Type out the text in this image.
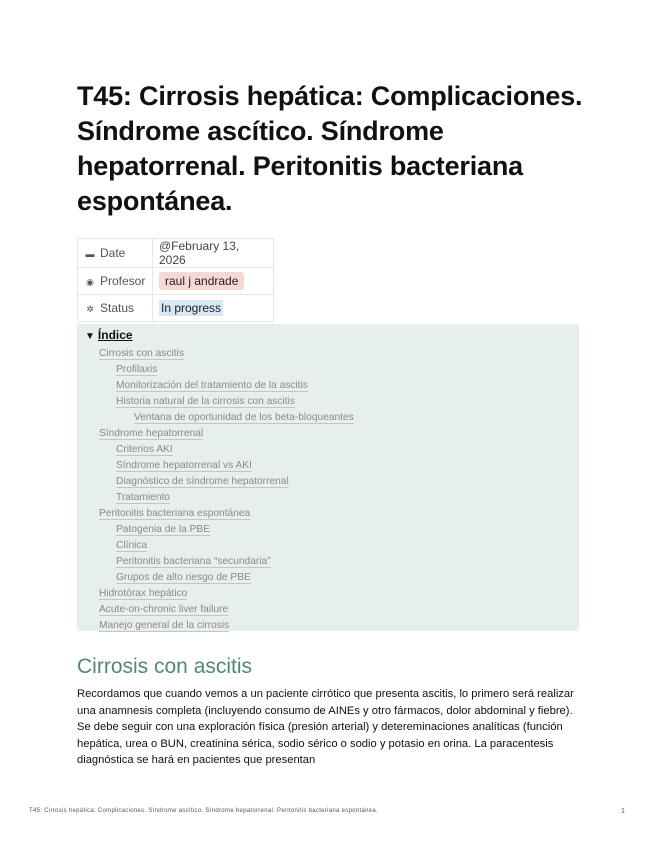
T45: Cirrosis hepática: Complicaciones. Síndrome ascítico. Síndrome hepatorrenal. Peritonitis bacteriana espontánea.
▬ Date	@February 13, 2026
◉ Profesor	raul j andrade
✲ Status	In progress
▼ Índice
Cirrosis con ascitis
Profilaxis
Monitorización del tratamiento de la ascitis
Historia natural de la cirrosis con ascitis
Ventana de oportunidad de los beta-bloqueantes
Síndrome hepatorrenal
Criterios AKI
Síndrome hepatorrenal vs AKI
Diagnóstico de síndrome hepatorrenal
Tratamiento
Peritonitis bacteriana espontánea
Patogenia de la PBE
Clínica
Peritonitis bacteriana “secundaria”
Grupos de alto riesgo de PBE
Hidrotórax hepático
Acute-on-chronic liver failure
Manejo general de la cirrosis
Cirrosis con ascitis

Recordamos que cuando vemos a un paciente cirrótico que presenta ascitis, lo primero será realizar una anamnesis completa (incluyendo consumo de AINEs y otro fármacos, dolor abdominal y fiebre). Se debe seguir con una exploración física (presión arterial) y detereminaciones analíticas (función hepática, urea o BUN, creatinina sérica, sodio sérico o sodio y potasio en orina. La paracentesis diagnóstica se hará en pacientes que presentan

T45: Cirrosis hepática: Complicaciones. Síndrome ascítico. Síndrome hepatorrenal. Peritonitis bacteriana espontánea.	1
